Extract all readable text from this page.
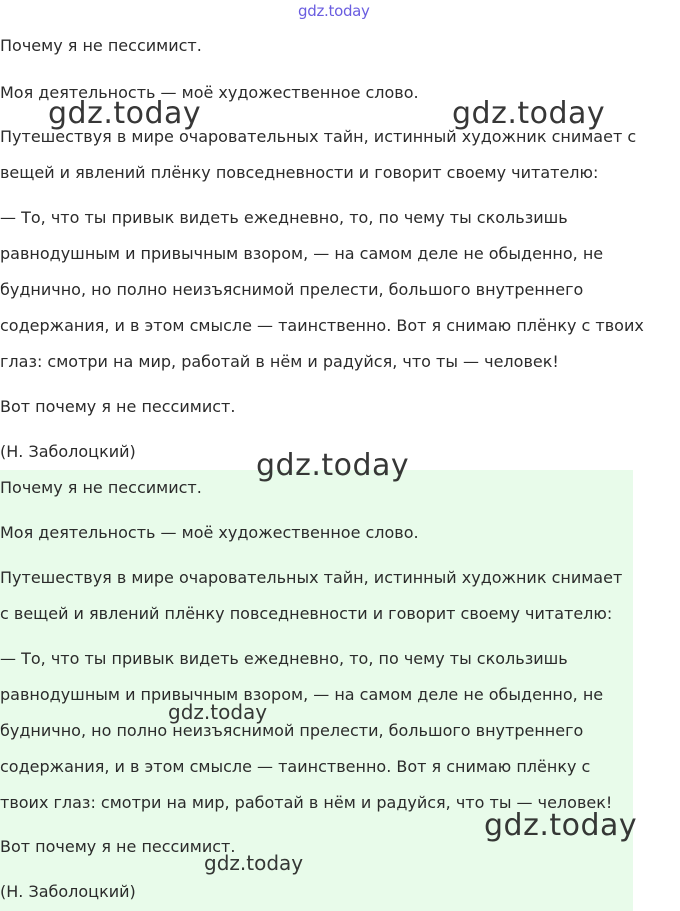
gdz.today

Почему я не пессимист.

Моя деятельность — моё художественное слово.

Путешествуя в мире очаровательных тайн, истинный художник снимает с

вещей и явлений плёнку повседневности и говорит своему читателю:

— То, что ты привык видеть ежедневно, то, по чему ты скользишь

равнодушным и привычным взором, — на самом деле не обыденно, не

буднично, но полно неизъяснимой прелести, большого внутреннего

содержания, и в этом смысле — таинственно. Вот я снимаю плёнку с твоих

глаз: смотри на мир, работай в нём и радуйся, что ты — человек!

Вот почему я не пессимист.

(Н. Заболоцкий)

Почему я не пессимист.

Моя деятельность — моё художественное слово.

Путешествуя в мире очаровательных тайн, истинный художник снимает

с вещей и явлений плёнку повседневности и говорит своему читателю:

— То, что ты привык видеть ежедневно, то, по чему ты скользишь

равнодушным и привычным взором, — на самом деле не обыденно, не

буднично, но полно неизъяснимой прелести, большого внутреннего

содержания, и в этом смысле — таинственно. Вот я снимаю плёнку с

твоих глаз: смотри на мир, работай в нём и радуйся, что ты — человек!

Вот почему я не пессимист.

(Н. Заболоцкий)

gdz.today	gdz.today
gdz.today
gdz.today
gdz.today
gdz.today
